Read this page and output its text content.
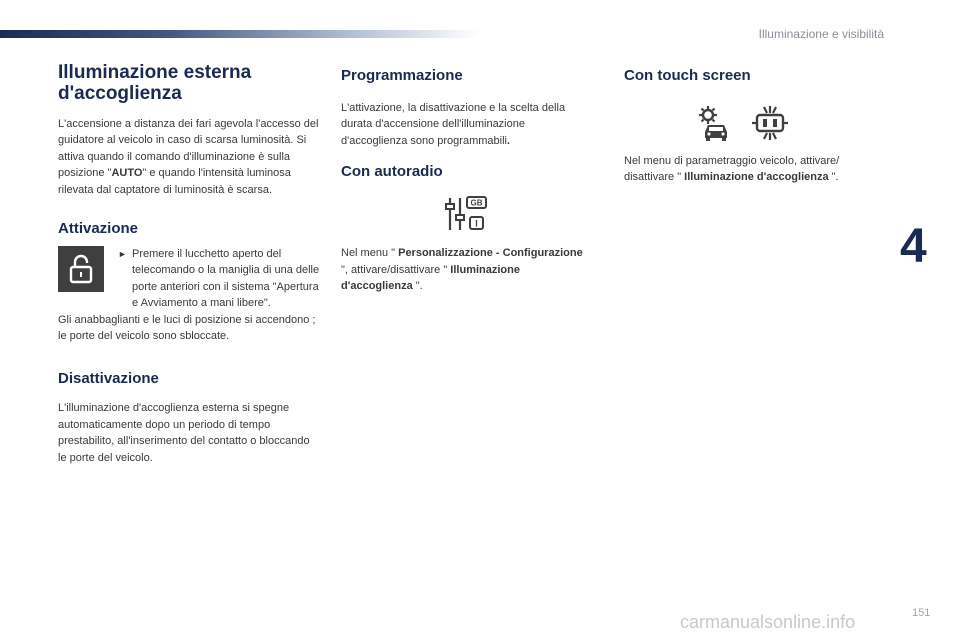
Illuminazione e visibilità
Illuminazione esterna d'accoglienza

L'accensione a distanza dei fari agevola l'accesso del guidatore al veicolo in caso di scarsa luminosità. Si attiva quando il comando d'illuminazione è sulla posizione "AUTO" e quando l'intensità luminosa rilevata dal captatore di luminosità è scarsa.

Attivazione
► Premere il lucchetto aperto del telecomando o la maniglia di una delle porte anteriori con il sistema "Apertura e Avviamento a mani libere".

Gli anabbaglianti e le luci di posizione si accendono ; le porte del veicolo sono sbloccate.

Disattivazione

L'illuminazione d'accoglienza esterna si spegne automaticamente dopo un periodo di tempo prestabilito, all'inserimento del contatto o bloccando le porte del veicolo.

Programmazione

L'attivazione, la disattivazione e la scelta della durata d'accensione dell'illuminazione d'accoglienza sono programmabili.

Con autoradio
GB
I

Nel menu " Personalizzazione - Configurazione ", attivare/disattivare " Illuminazione d'accoglienza ".

Con touch screen

Nel menu di parametraggio veicolo, attivare/ disattivare " Illuminazione d'accoglienza ".

4
carmanualsonline.info	151
